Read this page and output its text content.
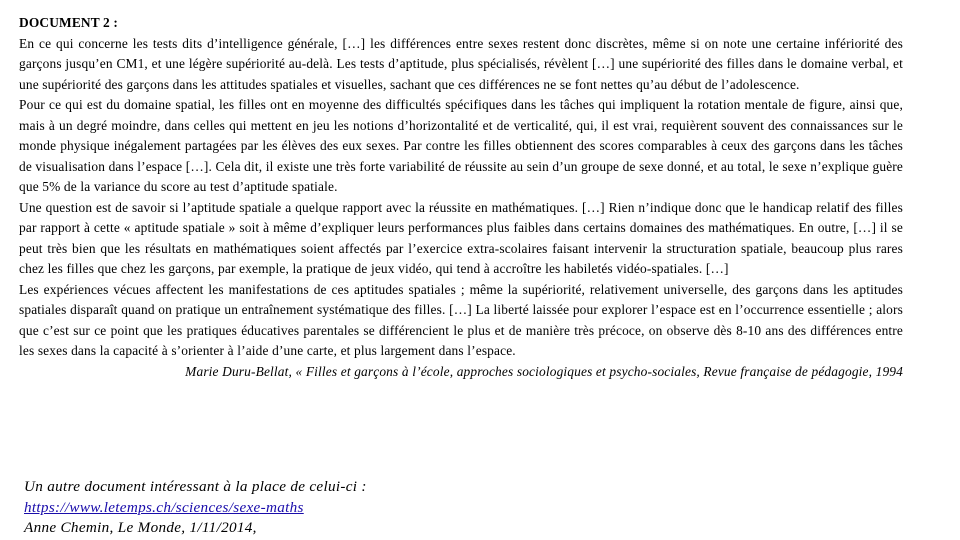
DOCUMENT 2 :

En ce qui concerne les tests dits d’intelligence générale, […] les différences entre sexes restent donc discrètes, même si on note une certaine infériorité des garçons jusqu’en CM1, et une légère supériorité au-delà. Les tests d’aptitude, plus spécialisés, révèlent […] une supériorité des filles dans le domaine verbal, et une supériorité des garçons dans les attitudes spatiales et visuelles, sachant que ces différences ne se font nettes qu’au début de l’adolescence.

Pour ce qui est du domaine spatial, les filles ont en moyenne des difficultés spécifiques dans les tâches qui impliquent la rotation mentale de figure, ainsi que, mais à un degré moindre, dans celles qui mettent en jeu les notions d’horizontalité et de verticalité, qui, il est vrai, requièrent souvent des connaissances sur le monde physique inégalement partagées par les élèves des eux sexes. Par contre les filles obtiennent des scores comparables à ceux des garçons dans les tâches de visualisation dans l’espace […]. Cela dit, il existe une très forte variabilité de réussite au sein d’un groupe de sexe donné, et au total, le sexe n’explique guère que 5% de la variance du score au test d’aptitude spatiale.

Une question est de savoir si l’aptitude spatiale a quelque rapport avec la réussite en mathématiques. […] Rien n’indique donc que le handicap relatif des filles par rapport à cette « aptitude spatiale » soit à même d’expliquer leurs performances plus faibles dans certains domaines des mathématiques. En outre, […] il se peut très bien que les résultats en mathématiques soient affectés par l’exercice extra-scolaires faisant intervenir la structuration spatiale, beaucoup plus rares chez les filles que chez les garçons, par exemple, la pratique de jeux vidéo, qui tend à accroître les habiletés vidéo-spatiales. […]

Les expériences vécues affectent les manifestations de ces aptitudes spatiales ; même la supériorité, relativement universelle, des garçons dans les aptitudes spatiales disparaît quand on pratique un entraînement systématique des filles. […] La liberté laissée pour explorer l’espace est en l’occurrence essentielle ; alors que c’est sur ce point que les pratiques éducatives parentales se différencient le plus et de manière très précoce, on observe dès 8-10 ans des différences entre les sexes dans la capacité à s’orienter à l’aide d’une carte, et plus largement dans l’espace.

Marie Duru-Bellat, « Filles et garçons à l’école, approches sociologiques et psycho-sociales, Revue française de pédagogie, 1994

Un autre document intéressant à la place de celui-ci :

https://www.letemps.ch/sciences/sexe-maths

Anne Chemin, Le Monde, 1/11/2014,
